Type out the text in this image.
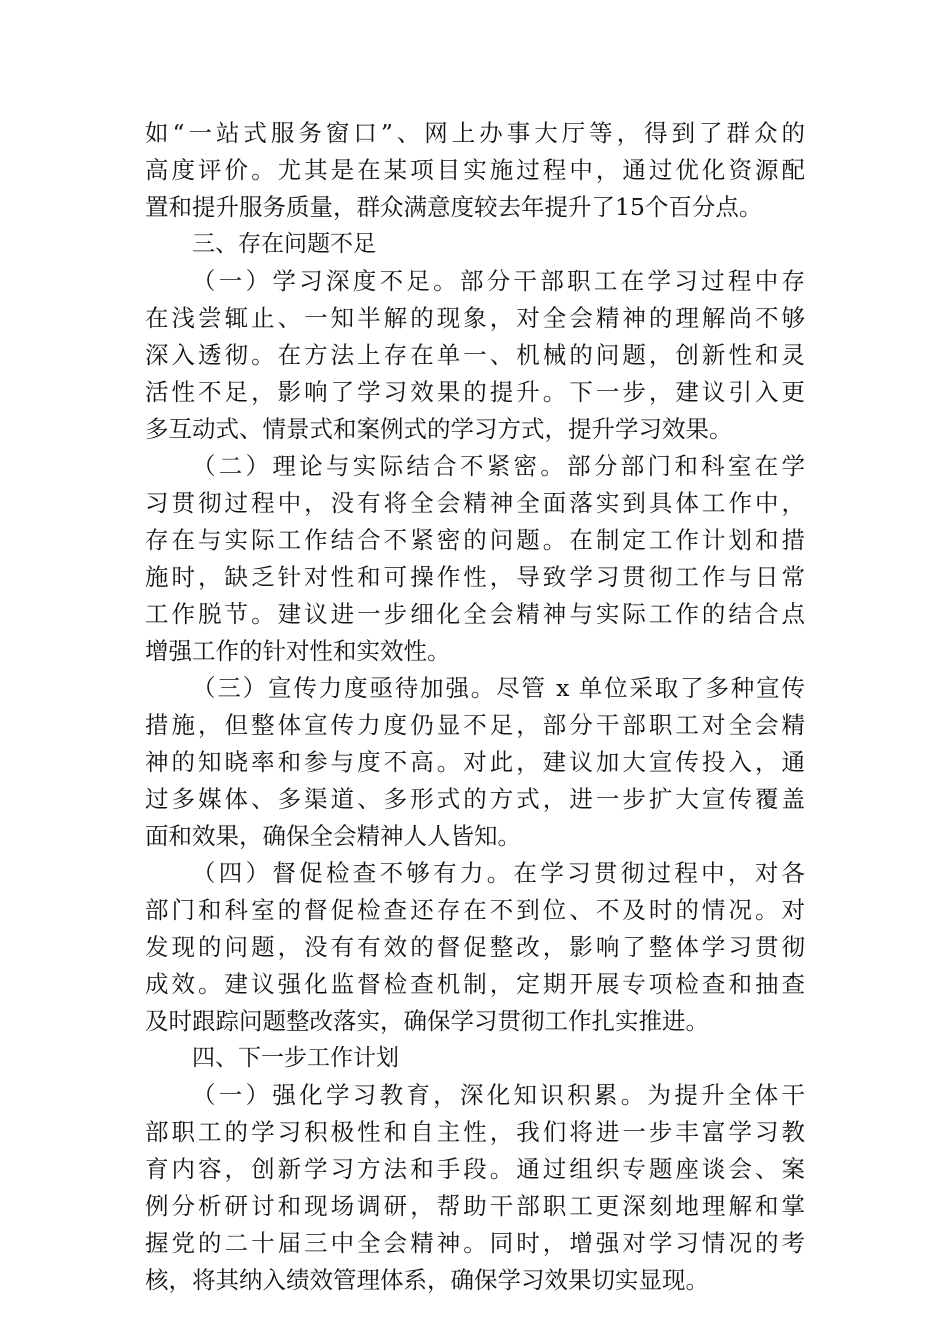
如“一站式服务窗口”、网上办事大厅等，得到了群众的
高度评价。尤其是在某项目实施过程中，通过优化资源配
置和提升服务质量，群众满意度较去年提升了15个百分点。
三、存在问题不足
（一）学习深度不足。部分干部职工在学习过程中存
在浅尝辄止、一知半解的现象，对全会精神的理解尚不够
深入透彻。在方法上存在单一、机械的问题，创新性和灵
活性不足，影响了学习效果的提升。下一步，建议引入更
多互动式、情景式和案例式的学习方式，提升学习效果。
（二）理论与实际结合不紧密。部分部门和科室在学
习贯彻过程中，没有将全会精神全面落实到具体工作中，
存在与实际工作结合不紧密的问题。在制定工作计划和措
施时，缺乏针对性和可操作性，导致学习贯彻工作与日常
工作脱节。建议进一步细化全会精神与实际工作的结合点
增强工作的针对性和实效性。
（三）宣传力度亟待加强。尽管 x 单位采取了多种宣传
措施，但整体宣传力度仍显不足，部分干部职工对全会精
神的知晓率和参与度不高。对此，建议加大宣传投入，通
过多媒体、多渠道、多形式的方式，进一步扩大宣传覆盖
面和效果，确保全会精神人人皆知。
（四）督促检查不够有力。在学习贯彻过程中，对各
部门和科室的督促检查还存在不到位、不及时的情况。对
发现的问题，没有有效的督促整改，影响了整体学习贯彻
成效。建议强化监督检查机制，定期开展专项检查和抽查
及时跟踪问题整改落实，确保学习贯彻工作扎实推进。
四、下一步工作计划
（一）强化学习教育，深化知识积累。为提升全体干
部职工的学习积极性和自主性，我们将进一步丰富学习教
育内容，创新学习方法和手段。通过组织专题座谈会、案
例分析研讨和现场调研，帮助干部职工更深刻地理解和掌
握党的二十届三中全会精神。同时，增强对学习情况的考
核，将其纳入绩效管理体系，确保学习效果切实显现。
